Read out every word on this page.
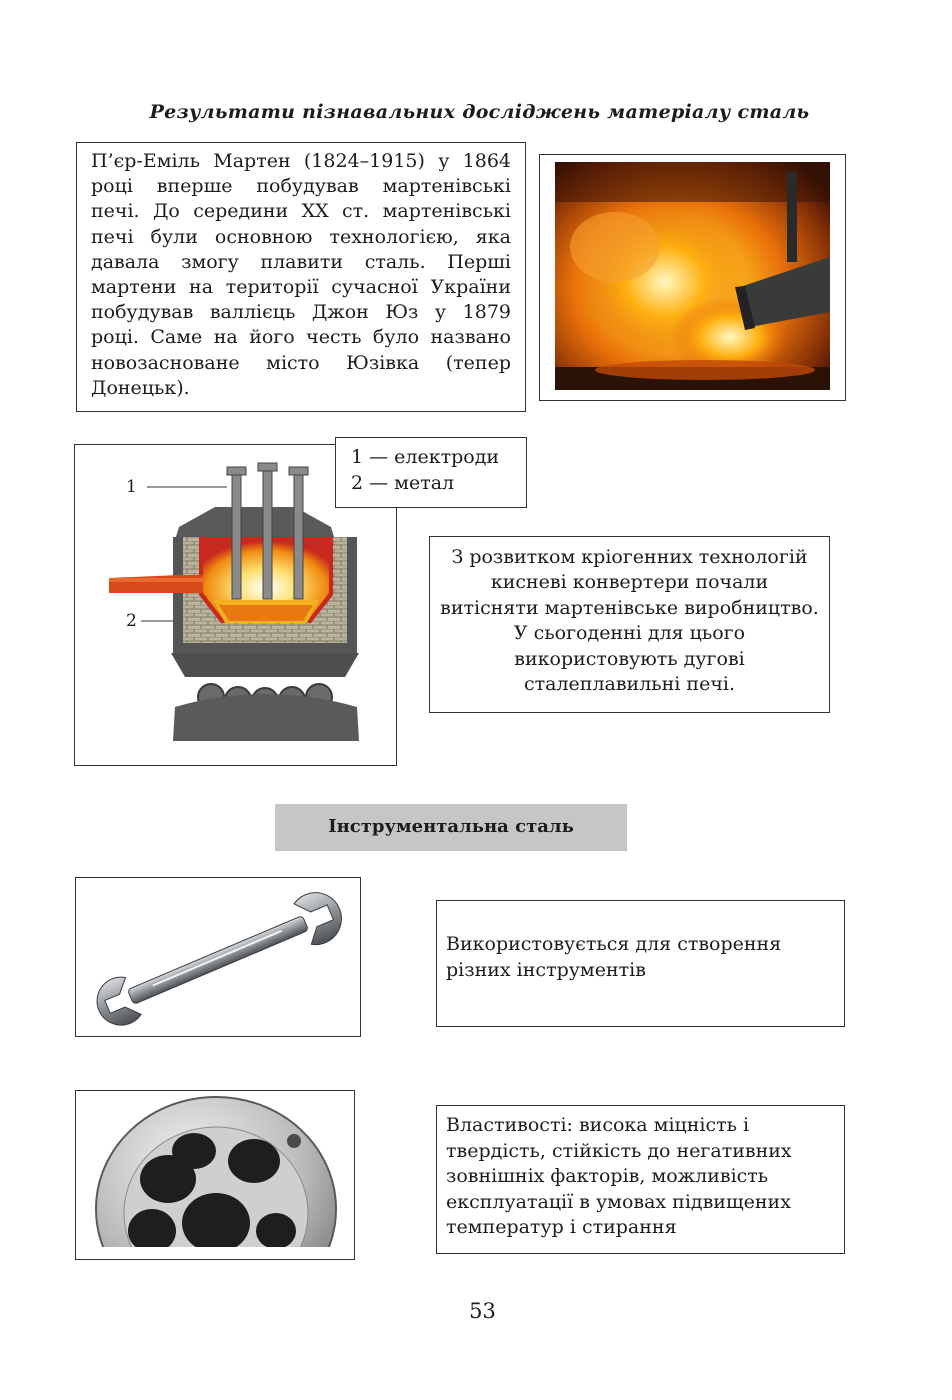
Результати пізнавальних досліджень матеріалу сталь
П’єр-Еміль Мартен (1824–1915) у 1864 році вперше побудував мартенівські печі. До середини XX ст. мартенівські печі були основною технологією, яка давала змогу плавити сталь. Перші мартени на території сучасної України побудував валлієць Джон Юз у 1879 році. Саме на його честь було названо новозаснoване місто Юзівка (тепер Донецьк).
1
2
1 — електроди
2 — метал
З розвитком кріогенних технологій кисневі конвертери почали витісняти мартенівське виробництво. У сьогоденні для цього використовують дугові сталеплавильні печі.
Інструментальна сталь
Використовується для створення різних інструментів
Властивості: висока міцність і твердість, стійкість до негативних зовнішніх факторів, можливість експлуатації в умовах підвищених температур і стирання
53
